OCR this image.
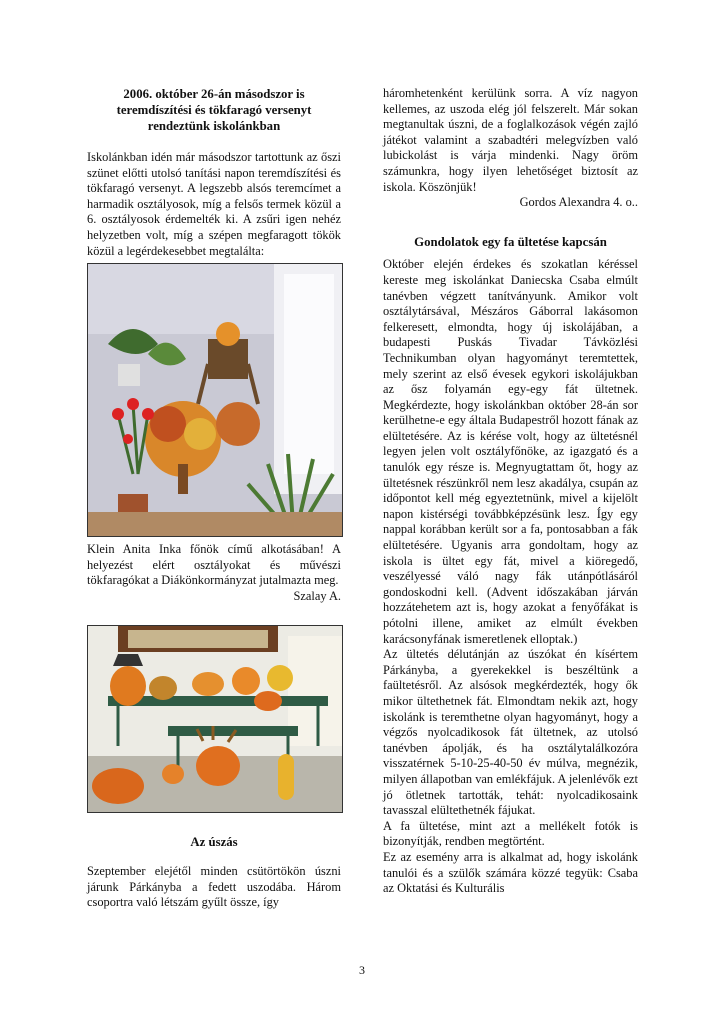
2006. október 26-án másodszor is

teremdíszítési és tökfaragó versenyt

rendeztünk iskolánkban

Iskolánkban idén már másodszor tartottunk az őszi szünet előtti utolsó tanítási napon teremdíszítési és tökfaragó versenyt. A legszebb alsós teremcímet a harmadik osztályosok, míg a felsős termek közül a 6. osztályosok érdemelték ki. A zsűri igen nehéz helyzetben volt, míg a szépen megfaragott tökök közül a legérdekesebbet megtalálta:

Klein Anita Inka főnök című alkotásában! A helyezést elért osztályokat és művészi tökfaragókat a Diákönkormányzat jutalmazta meg.

Szalay A.

Az úszás

Szeptember elejétől minden csütörtökön úszni járunk Párkányba a fedett uszodába. Három csoportra való létszám gyűlt össze, így

háromhetenként kerülünk sorra. A víz nagyon kellemes, az uszoda elég jól felszerelt. Már sokan megtanultak úszni, de a foglalkozások végén zajló játékot valamint a szabadtéri melegvízben való lubickolást is várja mindenki. Nagy öröm számunkra, hogy ilyen lehetőséget biztosít az iskola. Köszönjük!

Gordos Alexandra 4. o..

Gondolatok egy fa ültetése kapcsán

Október elején érdekes és szokatlan kéréssel kereste meg iskolánkat Daniecska Csaba elmúlt tanévben végzett tanítványunk. Amikor volt osztálytársával, Mészáros Gáborral lakásomon felkeresett, elmondta, hogy új iskolájában, a budapesti Puskás Tivadar Távközlési Technikumban olyan hagyományt teremtettek, mely szerint az első évesek egykori iskolájukban az ősz folyamán egy-egy fát ültetnek. Megkérdezte, hogy iskolánkban október 28-án sor kerülhetne-e egy általa Budapestről hozott fának az elültetésére. Az is kérése volt, hogy az ültetésnél legyen jelen volt osztályfőnöke, az igazgató és a tanulók egy része is. Megnyugtattam őt, hogy az ültetésnek részünkről nem lesz akadálya, csupán az időpontot kell még egyeztetnünk, mivel a kijelölt napon kistérségi továbbképzésünk lesz. Így egy nappal korábban került sor a fa, pontosabban a fák elültetésére. Ugyanis arra gondoltam, hogy az iskola is ültet egy fát, mivel a kiöregedő, veszélyessé váló nagy fák utánpótlásáról gondoskodni kell. (Advent időszakában járván hozzátehetem azt is, hogy azokat a fenyőfákat is pótolni illene, amiket az elmúlt években karácsonyfának ismeretlenek elloptak.)

Az ültetés délutánján az úszókat én kísértem Párkányba, a gyerekekkel is beszéltünk a faültetésről. Az alsósok megkérdezték, hogy ők mikor ültethetnek fát. Elmondtam nekik azt, hogy iskolánk is teremthetne olyan hagyományt, hogy a végzős nyolcadikosok fát ültetnek, az utolsó tanévben ápolják, és ha osztálytalálkozóra visszatérnek 5-10-25-40-50 év múlva, megnézik, milyen állapotban van emlékfájuk. A jelenlévők ezt jó ötletnek tartották, tehát: nyolcadikosaink tavasszal elültethetnék fájukat.

A fa ültetése, mint azt a mellékelt fotók is bizonyítják, rendben megtörtént.

Ez az esemény arra is alkalmat ad, hogy iskolánk tanulói és a szülők számára közzé tegyük: Csaba az Oktatási és Kulturális

3
